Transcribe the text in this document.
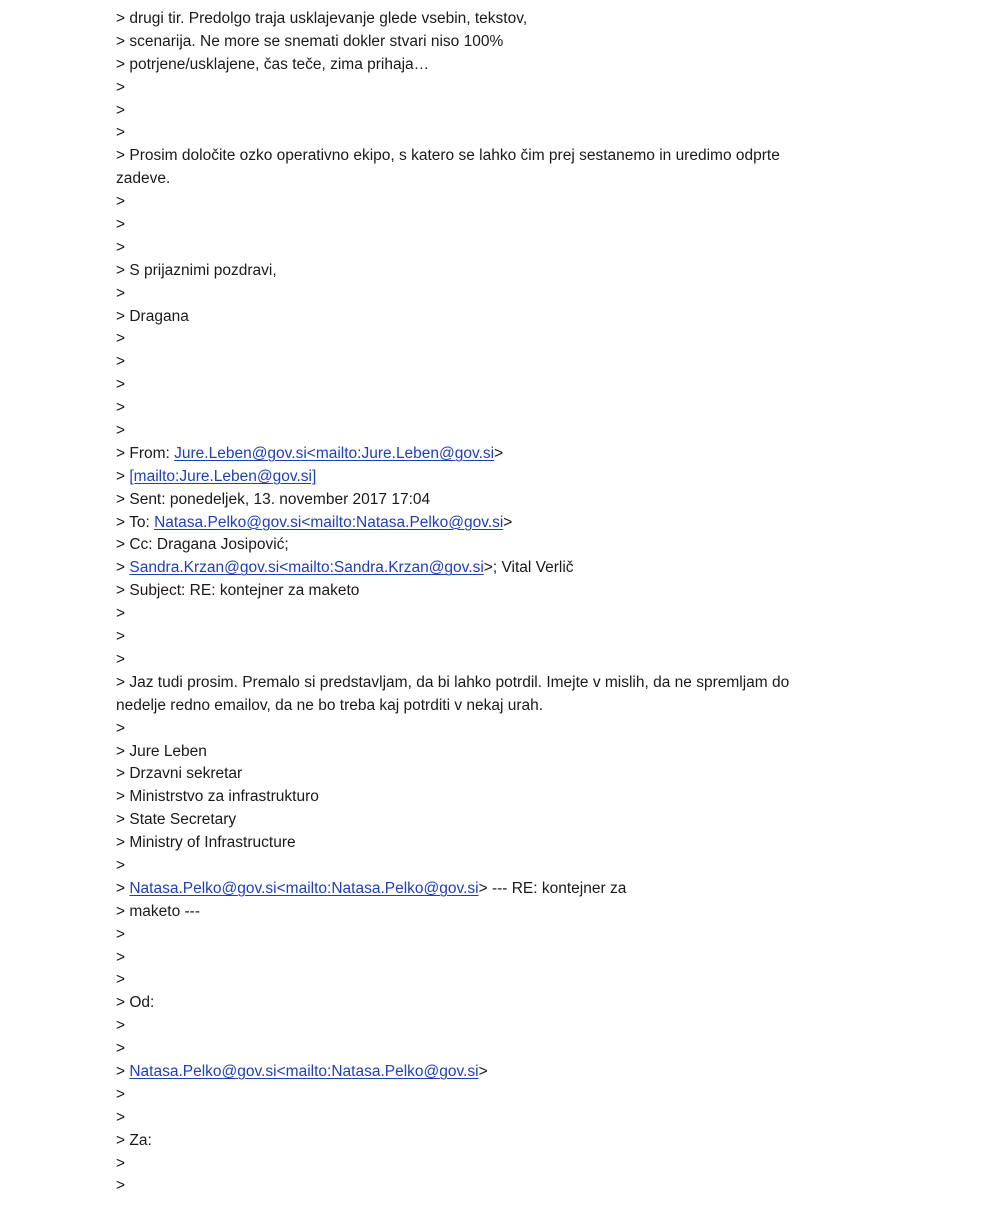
> drugi tir. Predolgo traja usklajevanje glede vsebin, tekstov,
> scenarija. Ne more se snemati dokler stvari niso 100%
> potrjene/usklajene, čas teče, zima prihaja…
>
>
>
> Prosim določite ozko operativno ekipo, s katero se lahko čim prej sestanemo in uredimo odprte
zadeve.
>
>
>
> S prijaznimi pozdravi,
>
> Dragana
>
>
>
>
>
> From: Jure.Leben@gov.si<mailto:Jure.Leben@gov.si>
> [mailto:Jure.Leben@gov.si]
> Sent: ponedeljek, 13. november 2017 17:04
> To: Natasa.Pelko@gov.si<mailto:Natasa.Pelko@gov.si>
> Cc: Dragana Josipović;
> Sandra.Krzan@gov.si<mailto:Sandra.Krzan@gov.si>; Vital Verlič
> Subject: RE: kontejner za maketo
>
>
>
> Jaz tudi prosim. Premalo si predstavljam, da bi lahko potrdil. Imejte v mislih, da ne spremljam do
nedelje redno emailov, da ne bo treba kaj potrditi v nekaj urah.
>
> Jure Leben
> Drzavni sekretar
> Ministrstvo za infrastrukturo
> State Secretary
> Ministry of Infrastructure
>
> Natasa.Pelko@gov.si<mailto:Natasa.Pelko@gov.si> --- RE: kontejner za
> maketo ---
>
>
>
> Od:
>
>
> Natasa.Pelko@gov.si<mailto:Natasa.Pelko@gov.si>
>
>
> Za:
>
>
